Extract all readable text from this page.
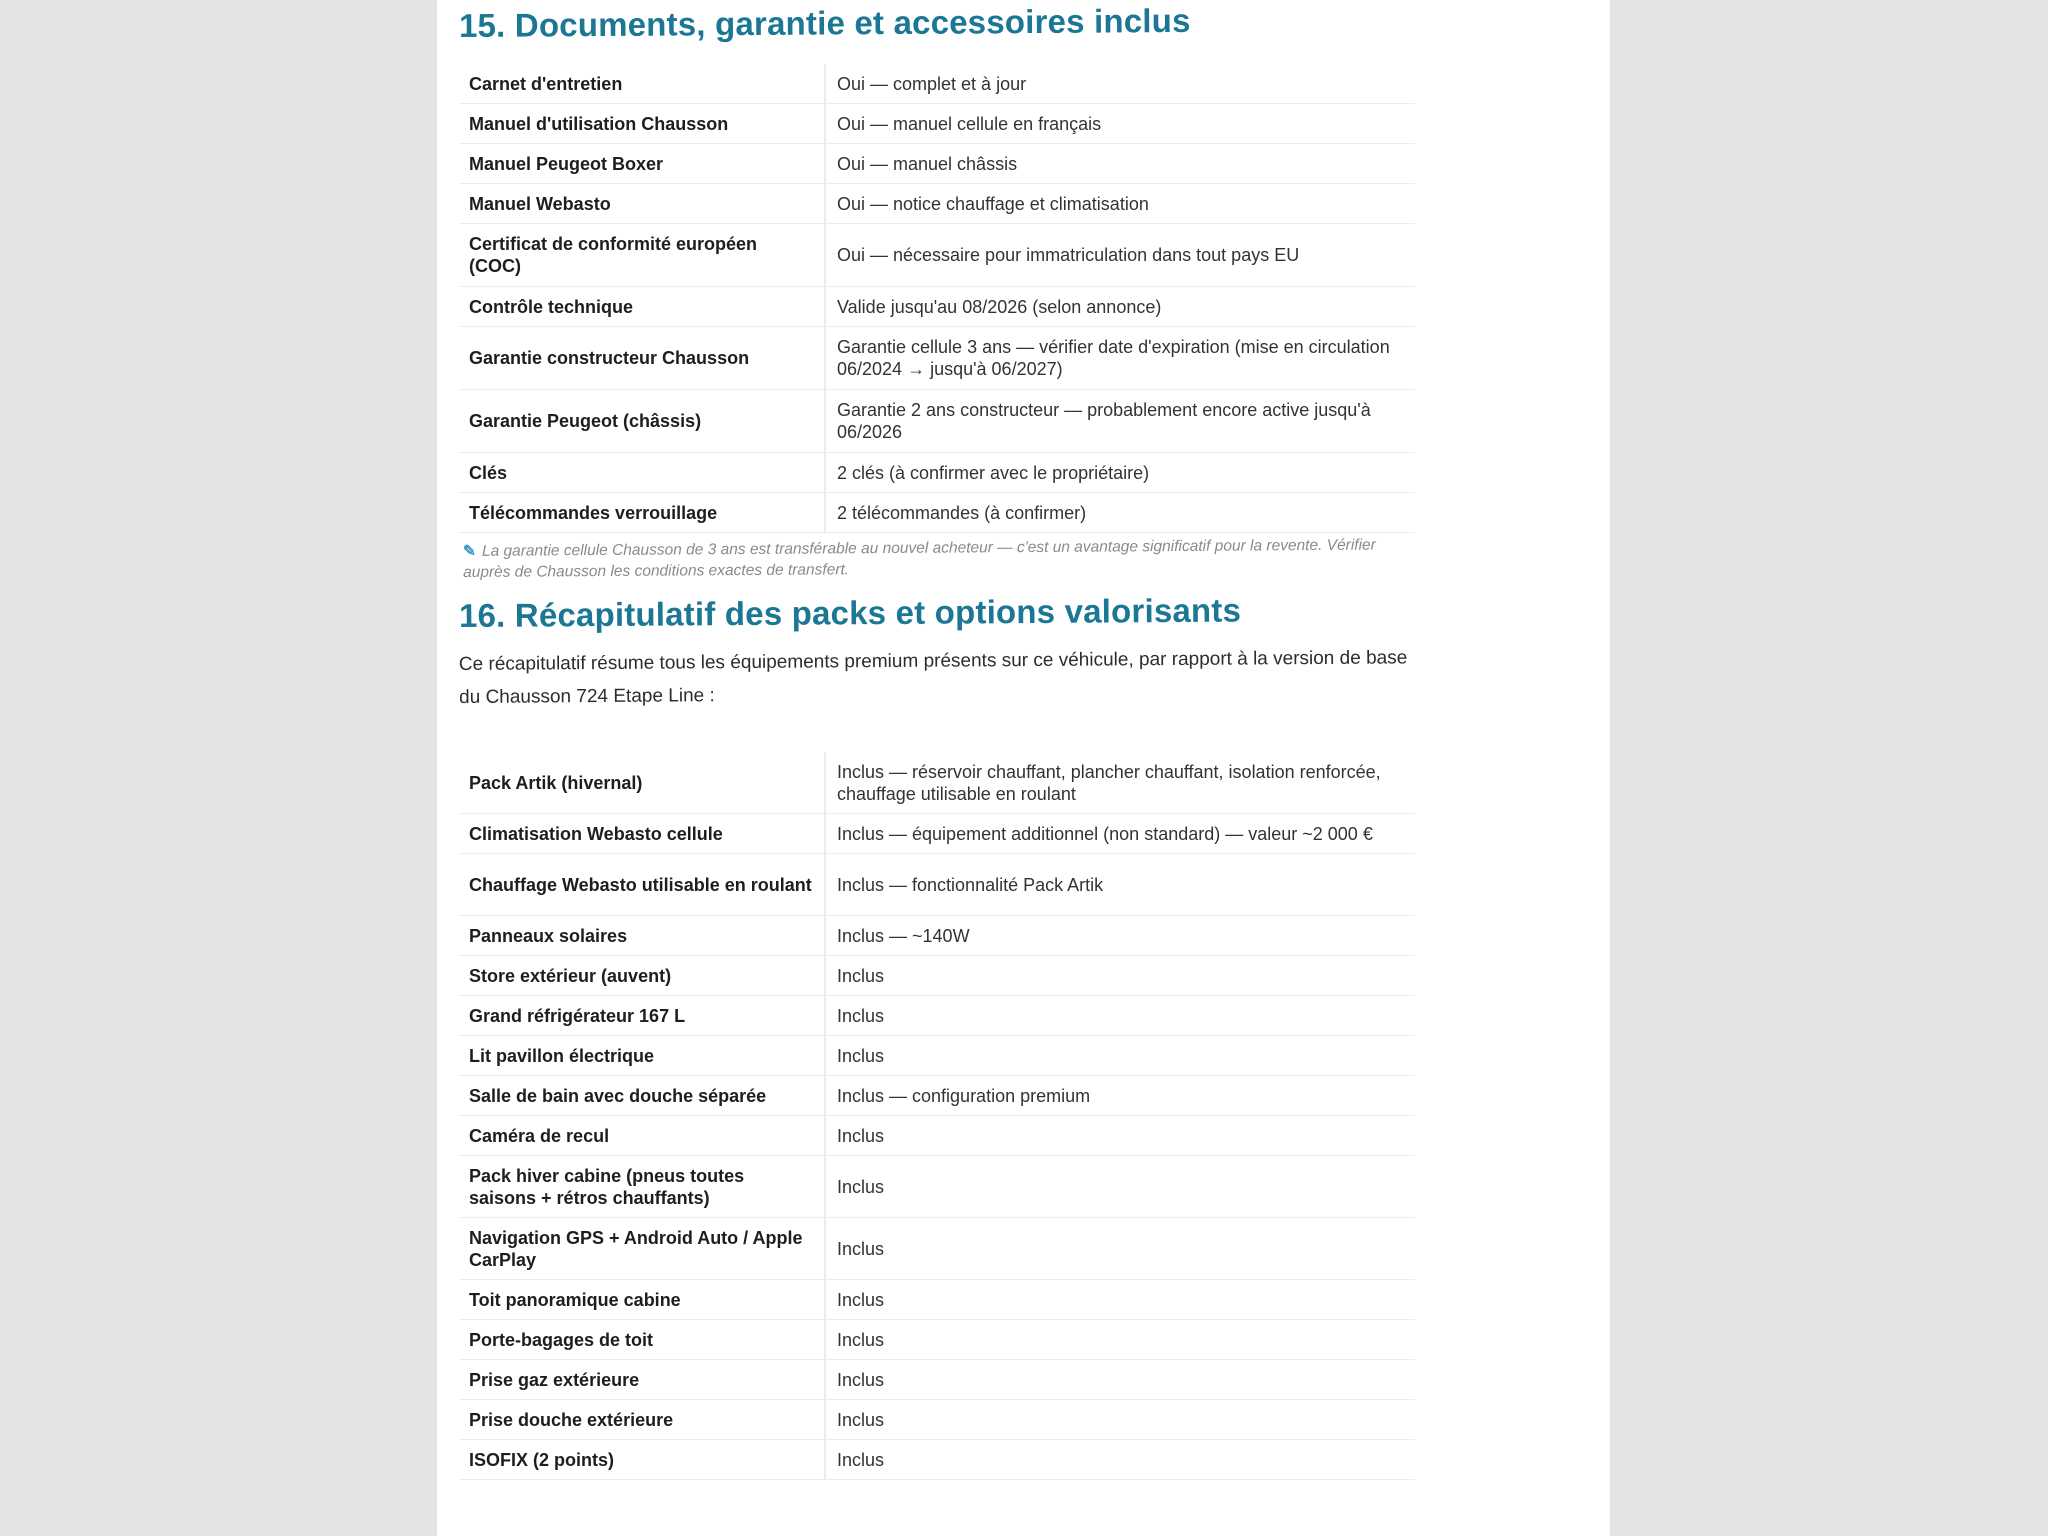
15. Documents, garantie et accessoires inclus
Carnet d'entretien	Oui — complet et à jour
Manuel d'utilisation Chausson	Oui — manuel cellule en français
Manuel Peugeot Boxer	Oui — manuel châssis
Manuel Webasto	Oui — notice chauffage et climatisation
Certificat de conformité européen (COC)	Oui — nécessaire pour immatriculation dans tout pays EU
Contrôle technique	Valide jusqu'au 08/2026 (selon annonce)
Garantie constructeur Chausson	Garantie cellule 3 ans — vérifier date d'expiration (mise en circulation 06/2024 → jusqu'à 06/2027)
Garantie Peugeot (châssis)	Garantie 2 ans constructeur — probablement encore active jusqu'à 06/2026
Clés	2 clés (à confirmer avec le propriétaire)
Télécommandes verrouillage	2 télécommandes (à confirmer)
✎ La garantie cellule Chausson de 3 ans est transférable au nouvel acheteur — c'est un avantage significatif pour la revente. Vérifier auprès de Chausson les conditions exactes de transfert.
16. Récapitulatif des packs et options valorisants
Ce récapitulatif résume tous les équipements premium présents sur ce véhicule, par rapport à la version de base du Chausson 724 Etape Line :
Pack Artik (hivernal)	Inclus — réservoir chauffant, plancher chauffant, isolation renforcée, chauffage utilisable en roulant
Climatisation Webasto cellule	Inclus — équipement additionnel (non standard) — valeur ~2 000 €
Chauffage Webasto utilisable en roulant	Inclus — fonctionnalité Pack Artik
Panneaux solaires	Inclus — ~140W
Store extérieur (auvent)	Inclus
Grand réfrigérateur 167 L	Inclus
Lit pavillon électrique	Inclus
Salle de bain avec douche séparée	Inclus — configuration premium
Caméra de recul	Inclus
Pack hiver cabine (pneus toutes saisons + rétros chauffants)	Inclus
Navigation GPS + Android Auto / Apple CarPlay	Inclus
Toit panoramique cabine	Inclus
Porte-bagages de toit	Inclus
Prise gaz extérieure	Inclus
Prise douche extérieure	Inclus
ISOFIX (2 points)	Inclus
